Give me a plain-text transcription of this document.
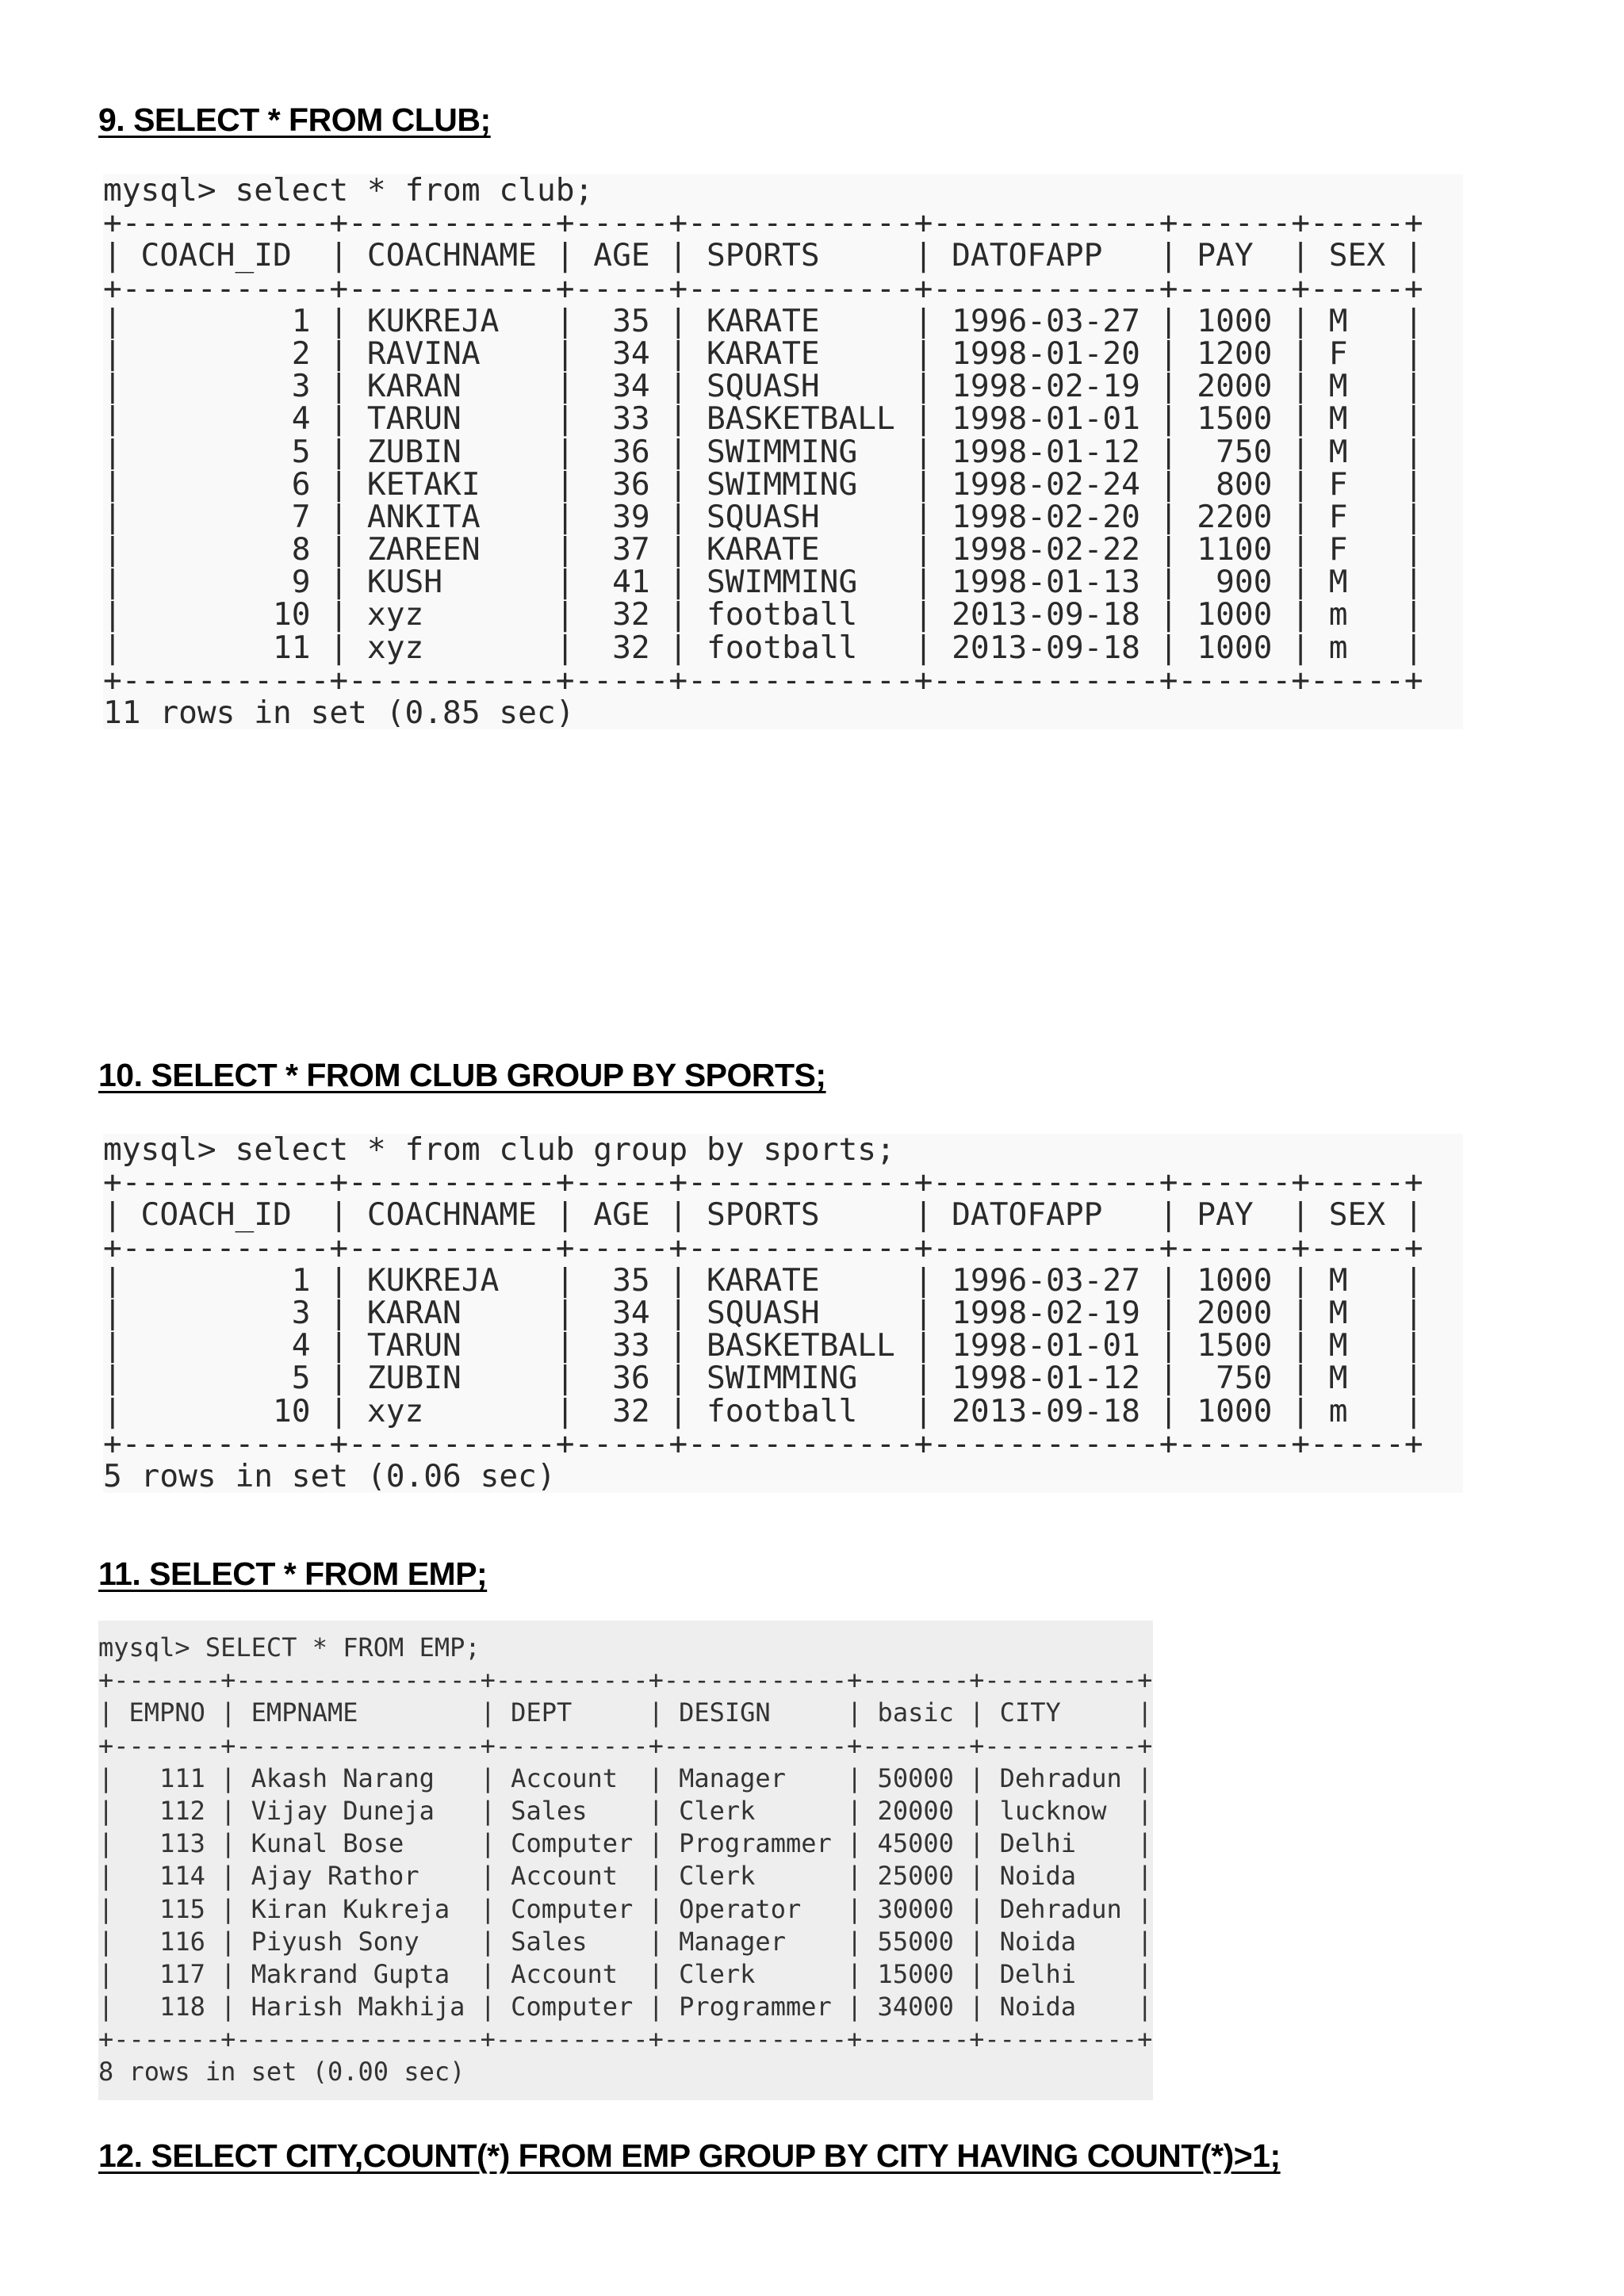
9. SELECT * FROM CLUB;
mysql> select * from club;
+-----------+-----------+-----+------------+------------+------+-----+
| COACH_ID  | COACHNAME | AGE | SPORTS     | DATOFAPP   | PAY  | SEX |
+-----------+-----------+-----+------------+------------+------+-----+
|         1 | KUKREJA   |  35 | KARATE     | 1996-03-27 | 1000 | M   |
|         2 | RAVINA    |  34 | KARATE     | 1998-01-20 | 1200 | F   |
|         3 | KARAN     |  34 | SQUASH     | 1998-02-19 | 2000 | M   |
|         4 | TARUN     |  33 | BASKETBALL | 1998-01-01 | 1500 | M   |
|         5 | ZUBIN     |  36 | SWIMMING   | 1998-01-12 |  750 | M   |
|         6 | KETAKI    |  36 | SWIMMING   | 1998-02-24 |  800 | F   |
|         7 | ANKITA    |  39 | SQUASH     | 1998-02-20 | 2200 | F   |
|         8 | ZAREEN    |  37 | KARATE     | 1998-02-22 | 1100 | F   |
|         9 | KUSH      |  41 | SWIMMING   | 1998-01-13 |  900 | M   |
|        10 | xyz       |  32 | football   | 2013-09-18 | 1000 | m   |
|        11 | xyz       |  32 | football   | 2013-09-18 | 1000 | m   |
+-----------+-----------+-----+------------+------------+------+-----+
11 rows in set (0.85 sec)
10. SELECT * FROM CLUB GROUP BY SPORTS;
mysql> select * from club group by sports;
+-----------+-----------+-----+------------+------------+------+-----+
| COACH_ID  | COACHNAME | AGE | SPORTS     | DATOFAPP   | PAY  | SEX |
+-----------+-----------+-----+------------+------------+------+-----+
|         1 | KUKREJA   |  35 | KARATE     | 1996-03-27 | 1000 | M   |
|         3 | KARAN     |  34 | SQUASH     | 1998-02-19 | 2000 | M   |
|         4 | TARUN     |  33 | BASKETBALL | 1998-01-01 | 1500 | M   |
|         5 | ZUBIN     |  36 | SWIMMING   | 1998-01-12 |  750 | M   |
|        10 | xyz       |  32 | football   | 2013-09-18 | 1000 | m   |
+-----------+-----------+-----+------------+------------+------+-----+
5 rows in set (0.06 sec)
11. SELECT * FROM EMP;
mysql> SELECT * FROM EMP;
+-------+----------------+----------+------------+-------+----------+
| EMPNO | EMPNAME        | DEPT     | DESIGN     | basic | CITY     |
+-------+----------------+----------+------------+-------+----------+
|   111 | Akash Narang   | Account  | Manager    | 50000 | Dehradun |
|   112 | Vijay Duneja   | Sales    | Clerk      | 20000 | lucknow  |
|   113 | Kunal Bose     | Computer | Programmer | 45000 | Delhi    |
|   114 | Ajay Rathor    | Account  | Clerk      | 25000 | Noida    |
|   115 | Kiran Kukreja  | Computer | Operator   | 30000 | Dehradun |
|   116 | Piyush Sony    | Sales    | Manager    | 55000 | Noida    |
|   117 | Makrand Gupta  | Account  | Clerk      | 15000 | Delhi    |
|   118 | Harish Makhija | Computer | Programmer | 34000 | Noida    |
+-------+----------------+----------+------------+-------+----------+
8 rows in set (0.00 sec)
12. SELECT CITY,COUNT(*) FROM EMP GROUP BY CITY HAVING COUNT(*)>1;
